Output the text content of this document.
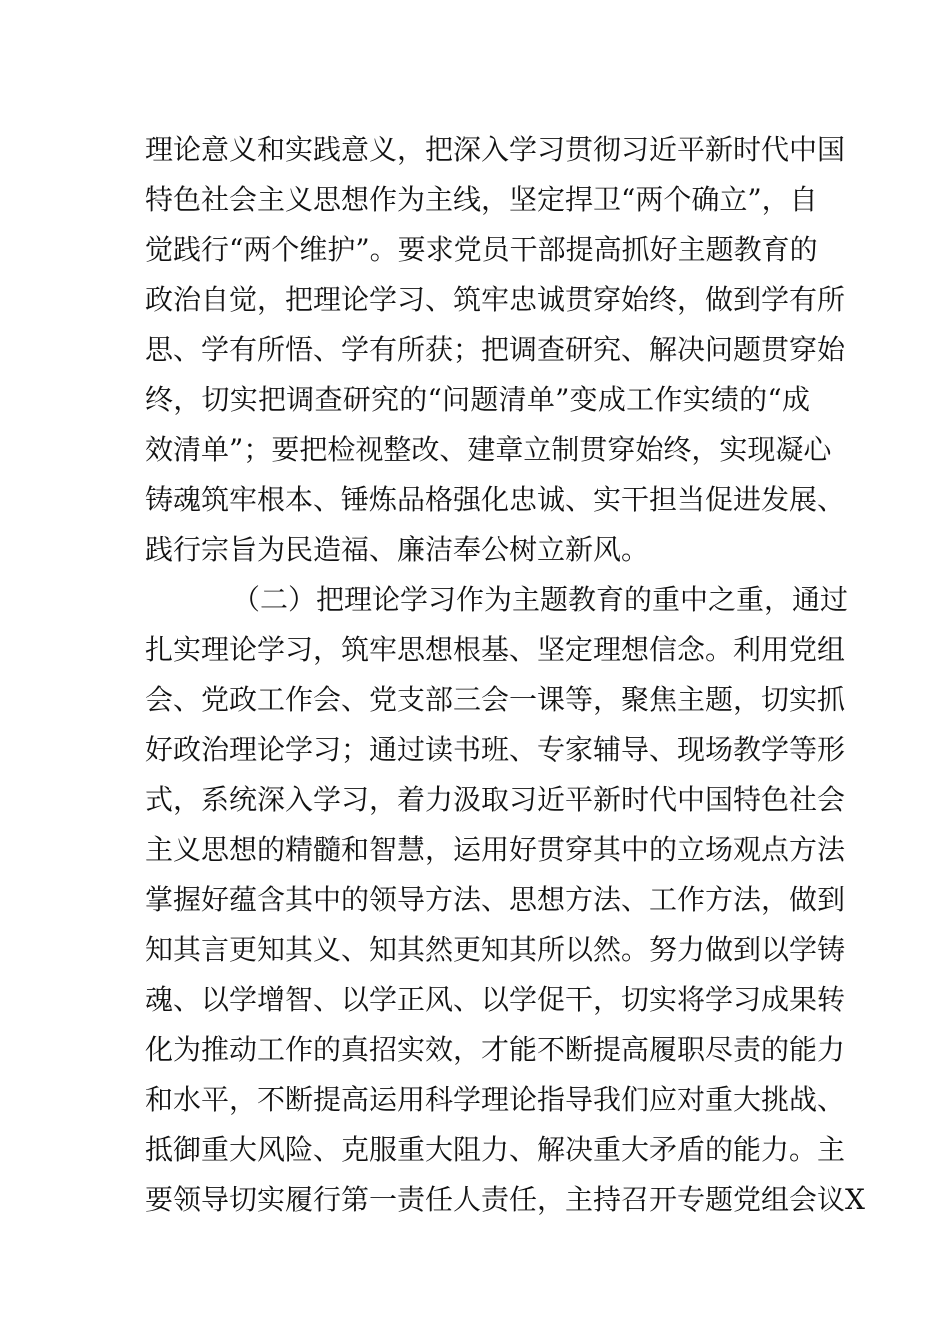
理论意义和实践意义，把深入学习贯彻习近平新时代中国
特色社会主义思想作为主线，坚定捍卫“两个确立”，自
觉践行“两个维护”。要求党员干部提高抓好主题教育的
政治自觉，把理论学习、筑牢忠诚贯穿始终，做到学有所
思、学有所悟、学有所获；把调查研究、解决问题贯穿始
终，切实把调查研究的“问题清单”变成工作实绩的“成
效清单”；要把检视整改、建章立制贯穿始终，实现凝心
铸魂筑牢根本、锤炼品格强化忠诚、实干担当促进发展、
践行宗旨为民造福、廉洁奉公树立新风。
（二）把理论学习作为主题教育的重中之重，通过
扎实理论学习，筑牢思想根基、坚定理想信念。利用党组
会、党政工作会、党支部三会一课等，聚焦主题，切实抓
好政治理论学习；通过读书班、专家辅导、现场教学等形
式，系统深入学习，着力汲取习近平新时代中国特色社会
主义思想的精髓和智慧，运用好贯穿其中的立场观点方法
掌握好蕴含其中的领导方法、思想方法、工作方法，做到
知其言更知其义、知其然更知其所以然。努力做到以学铸
魂、以学增智、以学正风、以学促干，切实将学习成果转
化为推动工作的真招实效，才能不断提高履职尽责的能力
和水平，不断提高运用科学理论指导我们应对重大挑战、
抵御重大风险、克服重大阻力、解决重大矛盾的能力。主
要领导切实履行第一责任人责任，主持召开专题党组会议X
